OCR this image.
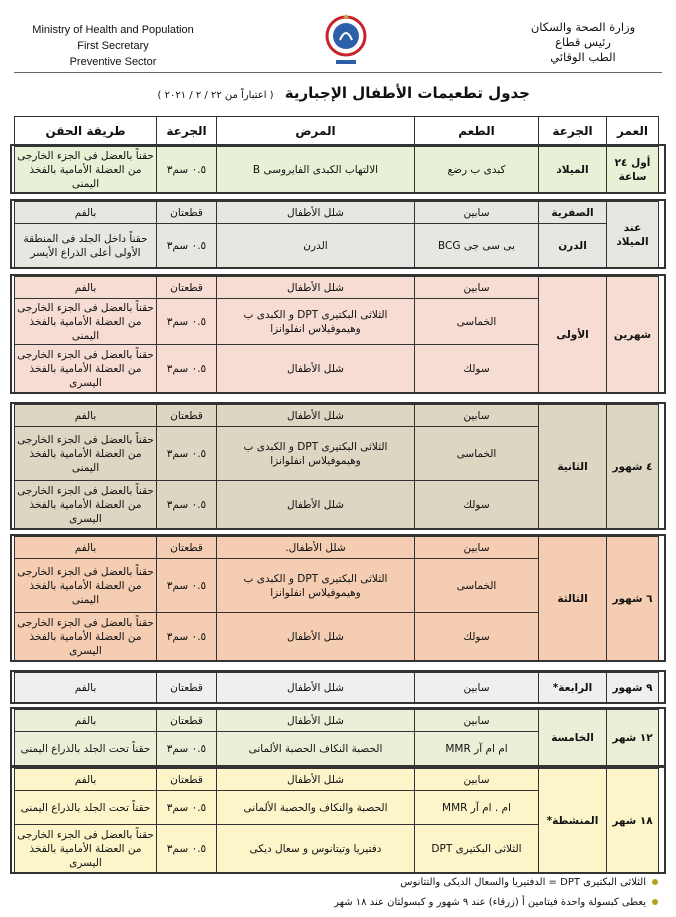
Ministry of Health and Population
First Secretary
Preventive Sector
وزارة الصحة والسكان
رئيس قطاع
الطب الوقائي
جدول تطعيمات الأطفال الإجبارية ( اعتباراً من ٢٢ / ٢ / ٢٠٢١ )
العمر	الجرعة	الطعم	المرض	الجرعة	طريقة الحقن
أول ٢٤ ساعة	الميلاد	كبدى ب رضع	الالتهاب الكبدى الفايروسى B	٠.٥ سم٣	حقناً بالعضل فى الجزء الخارجى من العضلة الأمامية بالفخذ اليمنى
عند الميلاد	الصفرية	سابين	شلل الأطفال	قطعتان	بالفم
	الدرن	بى سى جى BCG	الدرن	٠.٥ سم٣	حقناً داخل الجلد فى المنطقة الأولى أعلى الذراع الأيسر
شهرين	الأولى	سابين	شلل الأطفال	قطعتان	بالفم
		الخماسى	الثلاثى البكتيرى DPT و الكبدى ب وهيموفيلاس انفلوانزا	٠.٥ سم٣	حقناً بالعضل فى الجزء الخارجى من العضلة الأمامية بالفخذ اليمنى
		سولك	شلل الأطفال	٠.٥ سم٣	حقناً بالعضل فى الجزء الخارجى من العضلة الأمامية بالفخذ اليسرى
٤ شهور	الثانية	سابين	شلل الأطفال	قطعتان	بالفم
		الخماسى	الثلاثى البكتيرى DPT و الكبدى ب وهيموفيلاس انفلوانزا	٠.٥ سم٣	حقناً بالعضل فى الجزء الخارجى من العضلة الأمامية بالفخذ اليمنى
		سولك	شلل الأطفال	٠.٥ سم٣	حقناً بالعضل فى الجزء الخارجى من العضلة الأمامية بالفخذ اليسرى
٦ شهور	الثالثة	سابين	شلل الأطفال.	قطعتان	بالفم
		الخماسى	الثلاثى البكتيرى DPT و الكبدى ب وهيموفيلاس انفلوانزا	٠.٥ سم٣	حقناً بالعضل فى الجزء الخارجى من العضلة الأمامية بالفخذ اليمنى
		سولك	شلل الأطفال	٠.٥ سم٣	حقناً بالعضل فى الجزء الخارجى من العضلة الأمامية بالفخذ اليسرى
٩ شهور	الرابعة*	سابين	شلل الأطفال	قطعتان	بالفم
١٢ شهر	الخامسة	سابين	شلل الأطفال	قطعتان	بالفم
		ام ام آر MMR	الحصبة النكاف الحصبة الألمانى	٠.٥ سم٣	حقناً تحت الجلد بالذراع اليمنى
١٨ شهر	المنشطة*	سابين	شلل الأطفال	قطعتان	بالفم
		ام . ام آر MMR	الحصبة والنكاف والحصبة الألمانى	٠.٥ سم٣	حقناً تحت الجلد بالذراع اليمنى
		الثلاثى البكتيرى DPT	دفتيريا وتيتانوس و سعال ديكى	٠.٥ سم٣	حقناً بالعضل فى الجزء الخارجى من العضلة الأمامية بالفخذ اليسرى
الثلاثى البكتيرى DPT = الدفتيريا والسعال الديكى والتتانوس
يعطى كبسولة واحدة فيتامين أ (زرقاء) عند ٩ شهور و كبسولتان عند ١٨ شهر
